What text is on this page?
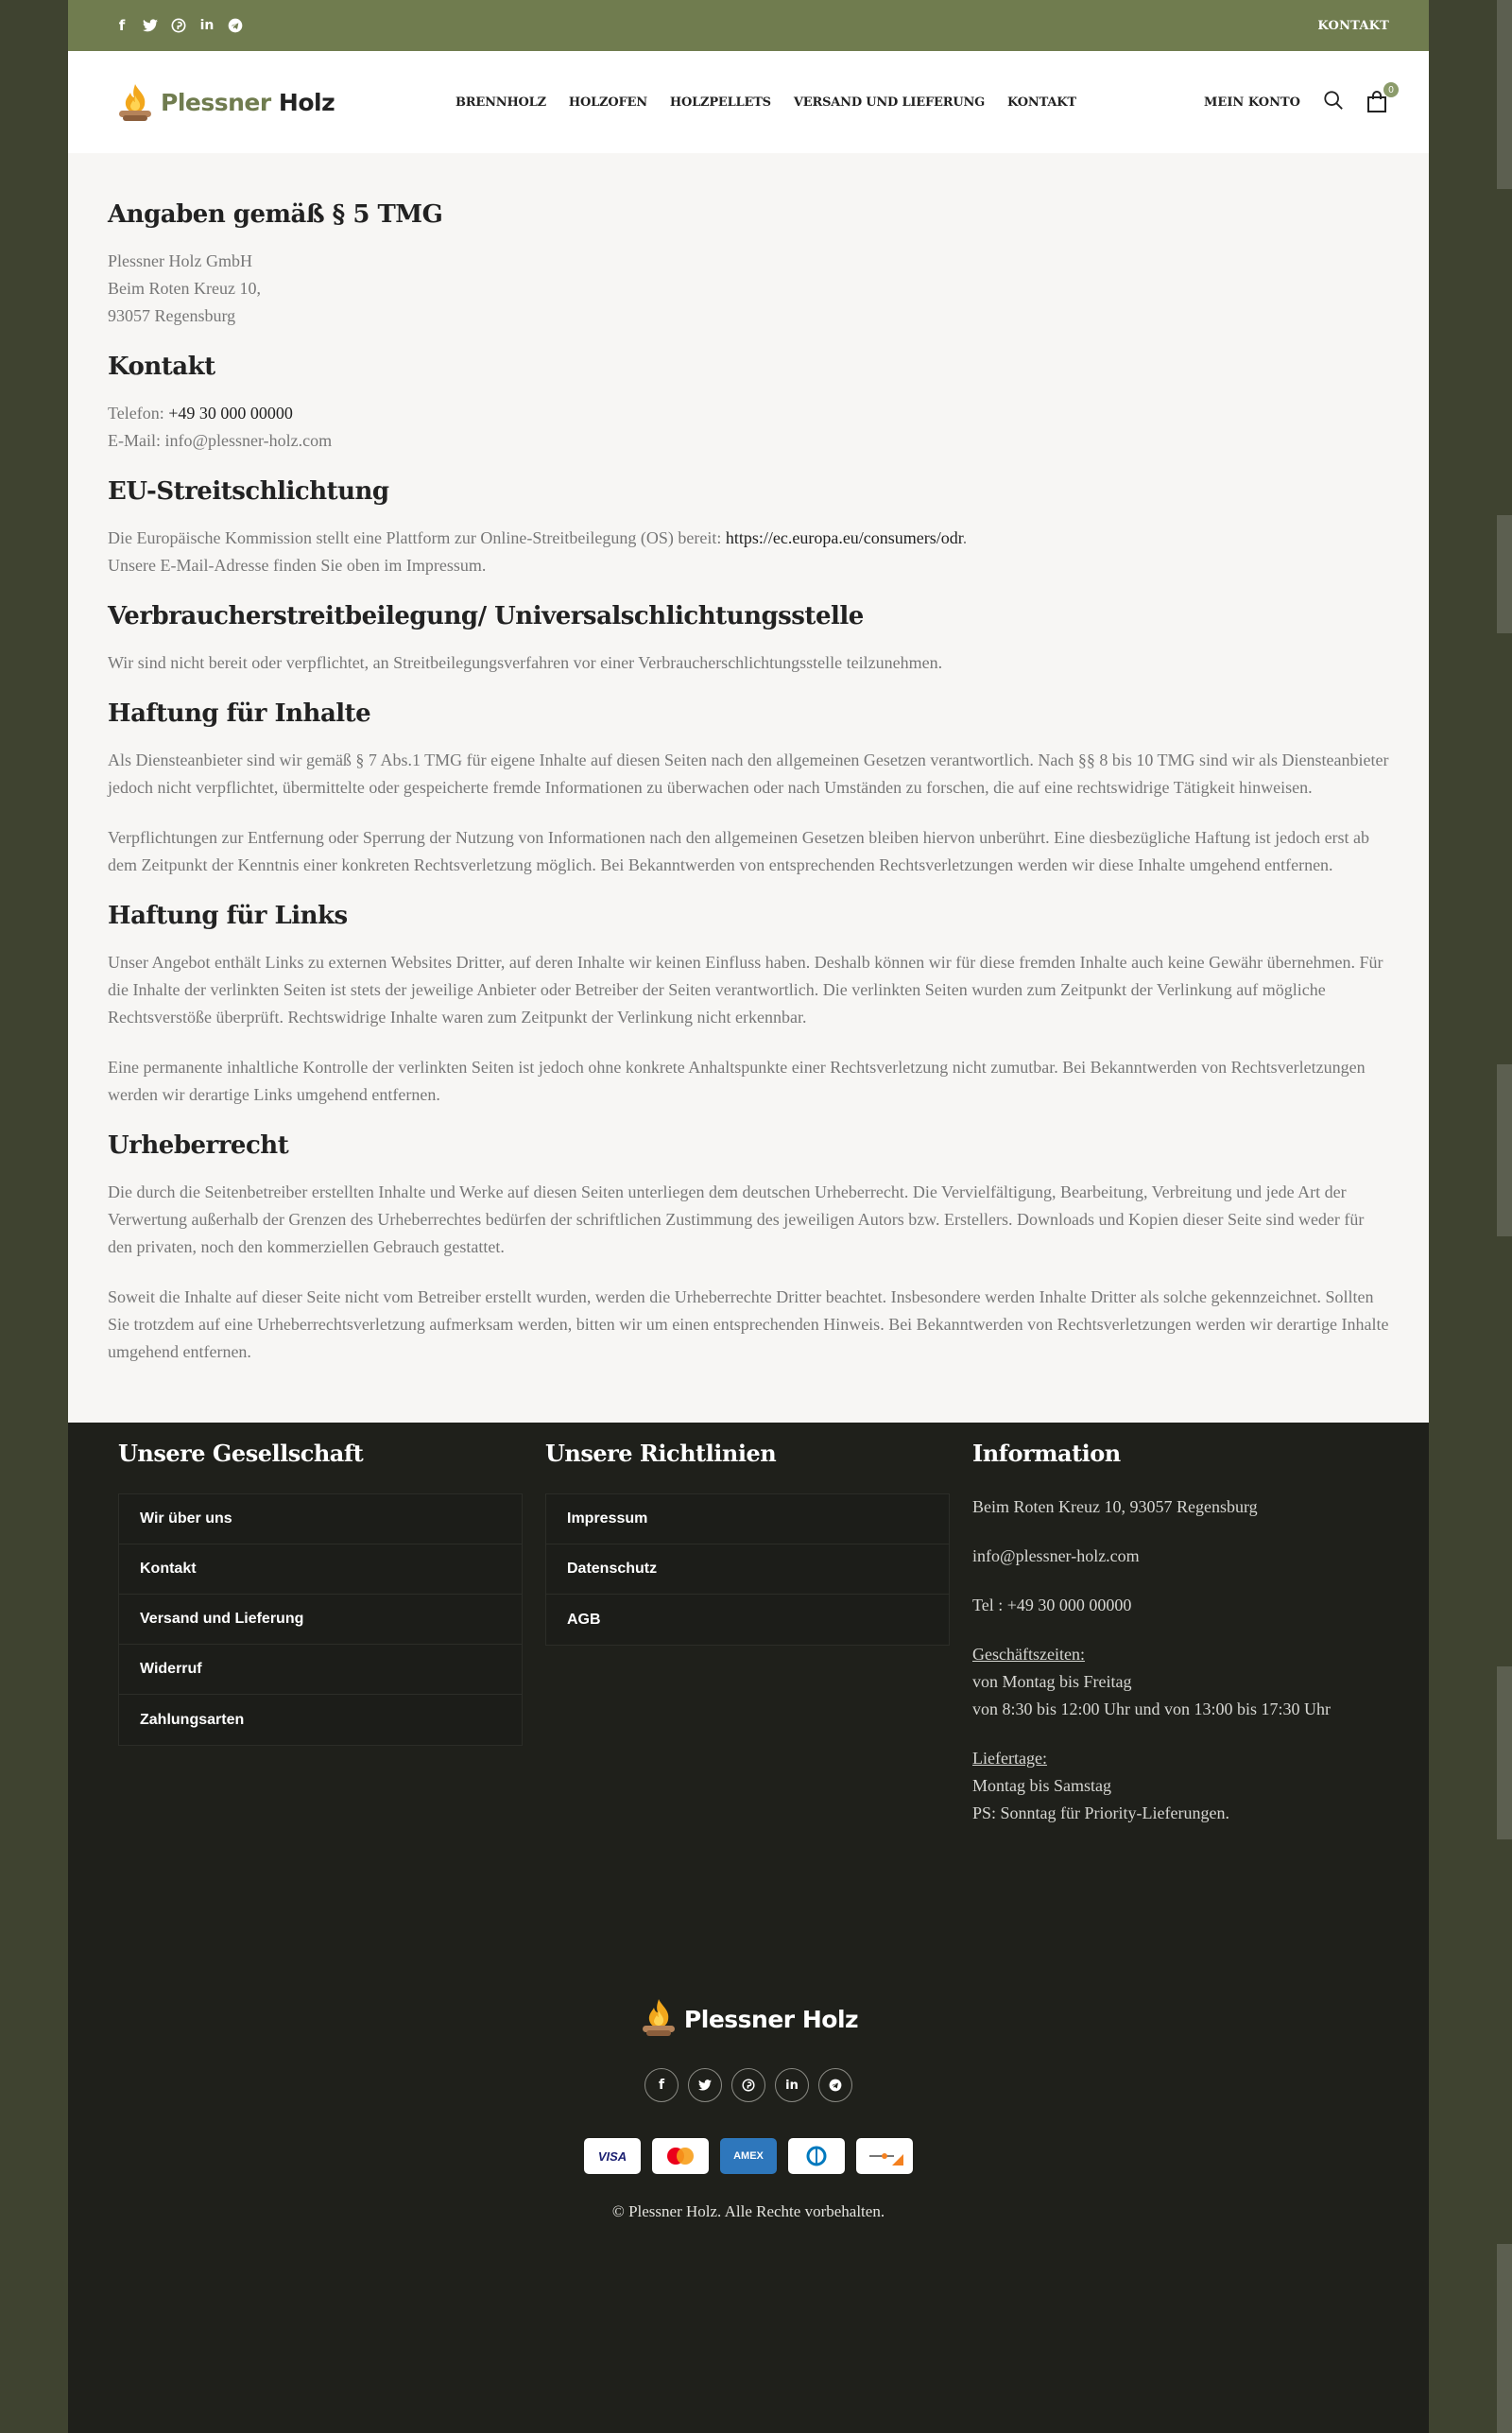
f	in	KONTAKT
Plessner Holz	BRENNHOLZ HOLZOFEN HOLZPELLETS VERSAND UND LIEFERUNG KONTAKT	MEIN KONTO
0
Angaben gemäß § 5 TMG

Plessner Holz GmbH
Beim Roten Kreuz 10,
93057 Regensburg

Kontakt

Telefon: +49 30 000 00000
E-Mail: info@plessner-holz.com

EU-Streitschlichtung

Die Europäische Kommission stellt eine Plattform zur Online-Streitbeilegung (OS) bereit: https://ec.europa.eu/consumers/odr.
Unsere E-Mail-Adresse finden Sie oben im Impressum.

Verbraucherstreitbeilegung/ Universalschlichtungsstelle

Wir sind nicht bereit oder verpflichtet, an Streitbeilegungsverfahren vor einer Verbraucherschlichtungsstelle teilzunehmen.

Haftung für Inhalte

Als Diensteanbieter sind wir gemäß § 7 Abs.1 TMG für eigene Inhalte auf diesen Seiten nach den allgemeinen Gesetzen verantwortlich. Nach §§ 8 bis 10 TMG sind wir als Diensteanbieter jedoch nicht verpflichtet, übermittelte oder gespeicherte fremde Informationen zu überwachen oder nach Umständen zu forschen, die auf eine rechtswidrige Tätigkeit hinweisen.

Verpflichtungen zur Entfernung oder Sperrung der Nutzung von Informationen nach den allgemeinen Gesetzen bleiben hiervon unberührt. Eine diesbezügliche Haftung ist jedoch erst ab dem Zeitpunkt der Kenntnis einer konkreten Rechtsverletzung möglich. Bei Bekanntwerden von entsprechenden Rechtsverletzungen werden wir diese Inhalte umgehend entfernen.

Haftung für Links

Unser Angebot enthält Links zu externen Websites Dritter, auf deren Inhalte wir keinen Einfluss haben. Deshalb können wir für diese fremden Inhalte auch keine Gewähr übernehmen. Für die Inhalte der verlinkten Seiten ist stets der jeweilige Anbieter oder Betreiber der Seiten verantwortlich. Die verlinkten Seiten wurden zum Zeitpunkt der Verlinkung auf mögliche Rechtsverstöße überprüft. Rechtswidrige Inhalte waren zum Zeitpunkt der Verlinkung nicht erkennbar.

Eine permanente inhaltliche Kontrolle der verlinkten Seiten ist jedoch ohne konkrete Anhaltspunkte einer Rechtsverletzung nicht zumutbar. Bei Bekanntwerden von Rechtsverletzungen werden wir derartige Links umgehend entfernen.

Urheberrecht

Die durch die Seitenbetreiber erstellten Inhalte und Werke auf diesen Seiten unterliegen dem deutschen Urheberrecht. Die Vervielfältigung, Bearbeitung, Verbreitung und jede Art der Verwertung außerhalb der Grenzen des Urheberrechtes bedürfen der schriftlichen Zustimmung des jeweiligen Autors bzw. Erstellers. Downloads und Kopien dieser Seite sind weder für den privaten, noch den kommerziellen Gebrauch gestattet.

Soweit die Inhalte auf dieser Seite nicht vom Betreiber erstellt wurden, werden die Urheberrechte Dritter beachtet. Insbesondere werden Inhalte Dritter als solche gekennzeichnet. Sollten Sie trotzdem auf eine Urheberrechtsverletzung aufmerksam werden, bitten wir um einen entsprechenden Hinweis. Bei Bekanntwerden von Rechtsverletzungen werden wir derartige Inhalte umgehend entfernen.

Unsere Gesellschaft
Wir über uns
Kontakt
Versand und Lieferung
Widerruf
Zahlungsarten
Unsere Richtlinien
Impressum
Datenschutz
AGB
Information

Beim Roten Kreuz 10, 93057 Regensburg

info@plessner-holz.com

Tel : +49 30 000 00000

Geschäftszeiten:
von Montag bis Freitag
von 8:30 bis 12:00 Uhr und von 13:00 bis 17:30 Uhr

Liefertage:
Montag bis Samstag
PS: Sonntag für Priority-Lieferungen.

Plessner Holz
f	in
VISA	AMEX
© Plessner Holz. Alle Rechte vorbehalten.
